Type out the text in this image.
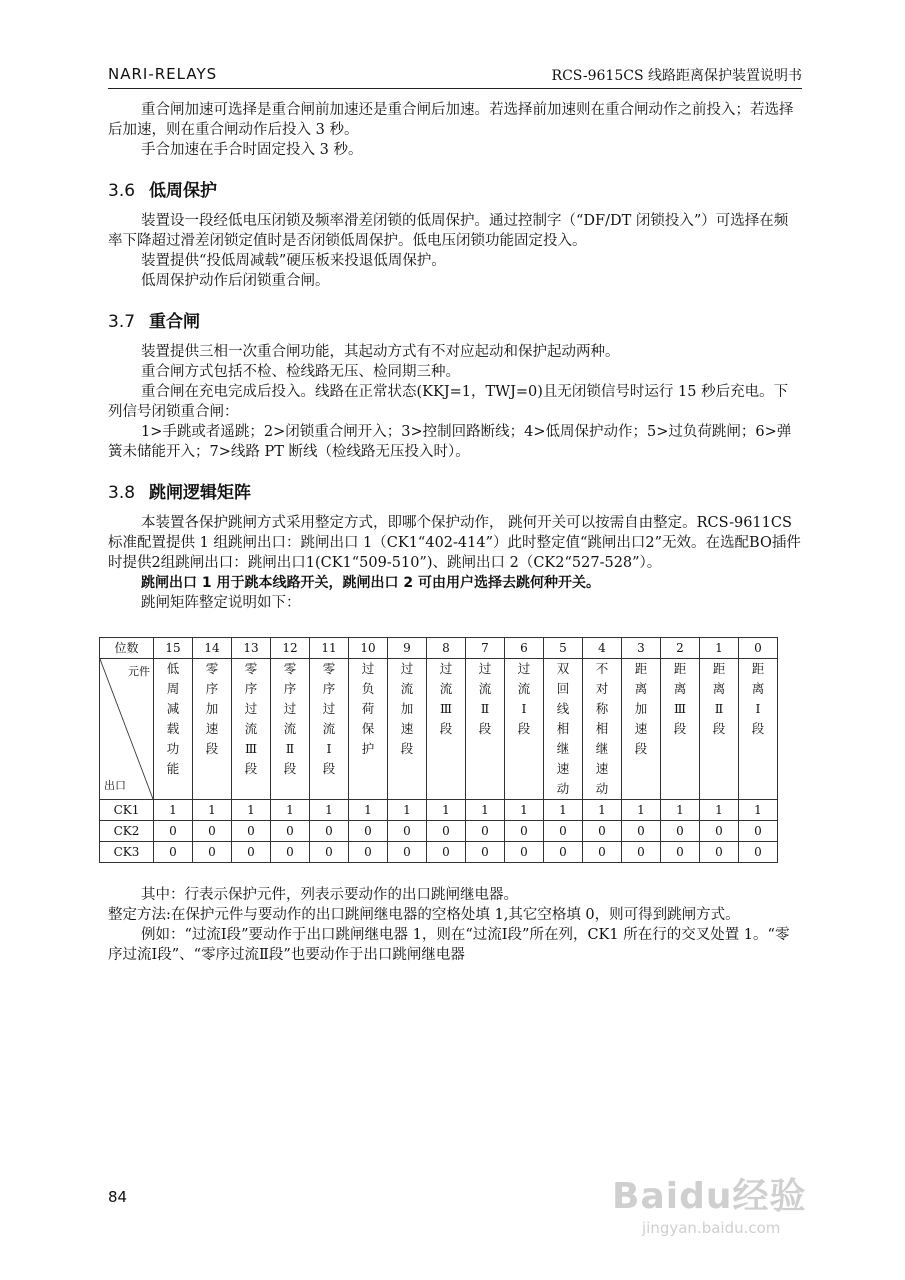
NARI-RELAYS	RCS-9615CS 线路距离保护装置说明书

重合闸加速可选择是重合闸前加速还是重合闸后加速。若选择前加速则在重合闸动作之前投入；若选择后加速，则在重合闸动作后投入 3 秒。

手合加速在手合时固定投入 3 秒。

3.6 低周保护

装置设一段经低电压闭锁及频率滑差闭锁的低周保护。通过控制字（“DF/DT 闭锁投入”）可选择在频率下降超过滑差闭锁定值时是否闭锁低周保护。低电压闭锁功能固定投入。

装置提供“投低周减载”硬压板来投退低周保护。

低周保护动作后闭锁重合闸。

3.7 重合闸

装置提供三相一次重合闸功能，其起动方式有不对应起动和保护起动两种。

重合闸方式包括不检、检线路无压、检同期三种。

重合闸在充电完成后投入。线路在正常状态(KKJ=1，TWJ=0)且无闭锁信号时运行 15 秒后充电。下列信号闭锁重合闸：

1>手跳或者遥跳；2>闭锁重合闸开入；3>控制回路断线；4>低周保护动作；5>过负荷跳闸；6>弹簧未储能开入；7>线路 PT 断线（检线路无压投入时）。

3.8 跳闸逻辑矩阵

本装置各保护跳闸方式采用整定方式，即哪个保护动作， 跳何开关可以按需自由整定。RCS-9611CS 标准配置提供 1 组跳闸出口：跳闸出口 1（CK1“402-414”）此时整定值“跳闸出口2”无效。在选配BO插件时提供2组跳闸出口：跳闸出口1(CK1“509-510”)、跳闸出口 2（CK2“527-528”）。

跳闸出口 1 用于跳本线路开关，跳闸出口 2 可由用户选择去跳何种开关。

跳闸矩阵整定说明如下：

位数	15	14	13	12	11	10	9	8	7	6	5	4	3	2	1	0

元件
出口	低周减载功能	零序加速段	零序过流Ⅲ段	零序过流Ⅱ段	零序过流Ⅰ段	过负荷保护	过流加速段	过流Ⅲ段	过流Ⅱ段	过流Ⅰ段	双回线相继速动	不对称相继速动	距离加速段	距离Ⅲ段	距离Ⅱ段	距离Ⅰ段
CK1	1	1	1	1	1	1	1	1	1	1	1	1	1	1	1	1
CK2	0	0	0	0	0	0	0	0	0	0	0	0	0	0	0	0
CK3	0	0	0	0	0	0	0	0	0	0	0	0	0	0	0	0

其中：行表示保护元件，列表示要动作的出口跳闸继电器。

整定方法:在保护元件与要动作的出口跳闸继电器的空格处填 1,其它空格填 0，则可得到跳闸方式。

例如：“过流Ⅰ段”要动作于出口跳闸继电器 1，则在“过流Ⅰ段”所在列，CK1 所在行的交叉处置 1。“零序过流Ⅰ段”、“零序过流Ⅱ段”也要动作于出口跳闸继电器

84	Baidu经验
jingyan.baidu.com
